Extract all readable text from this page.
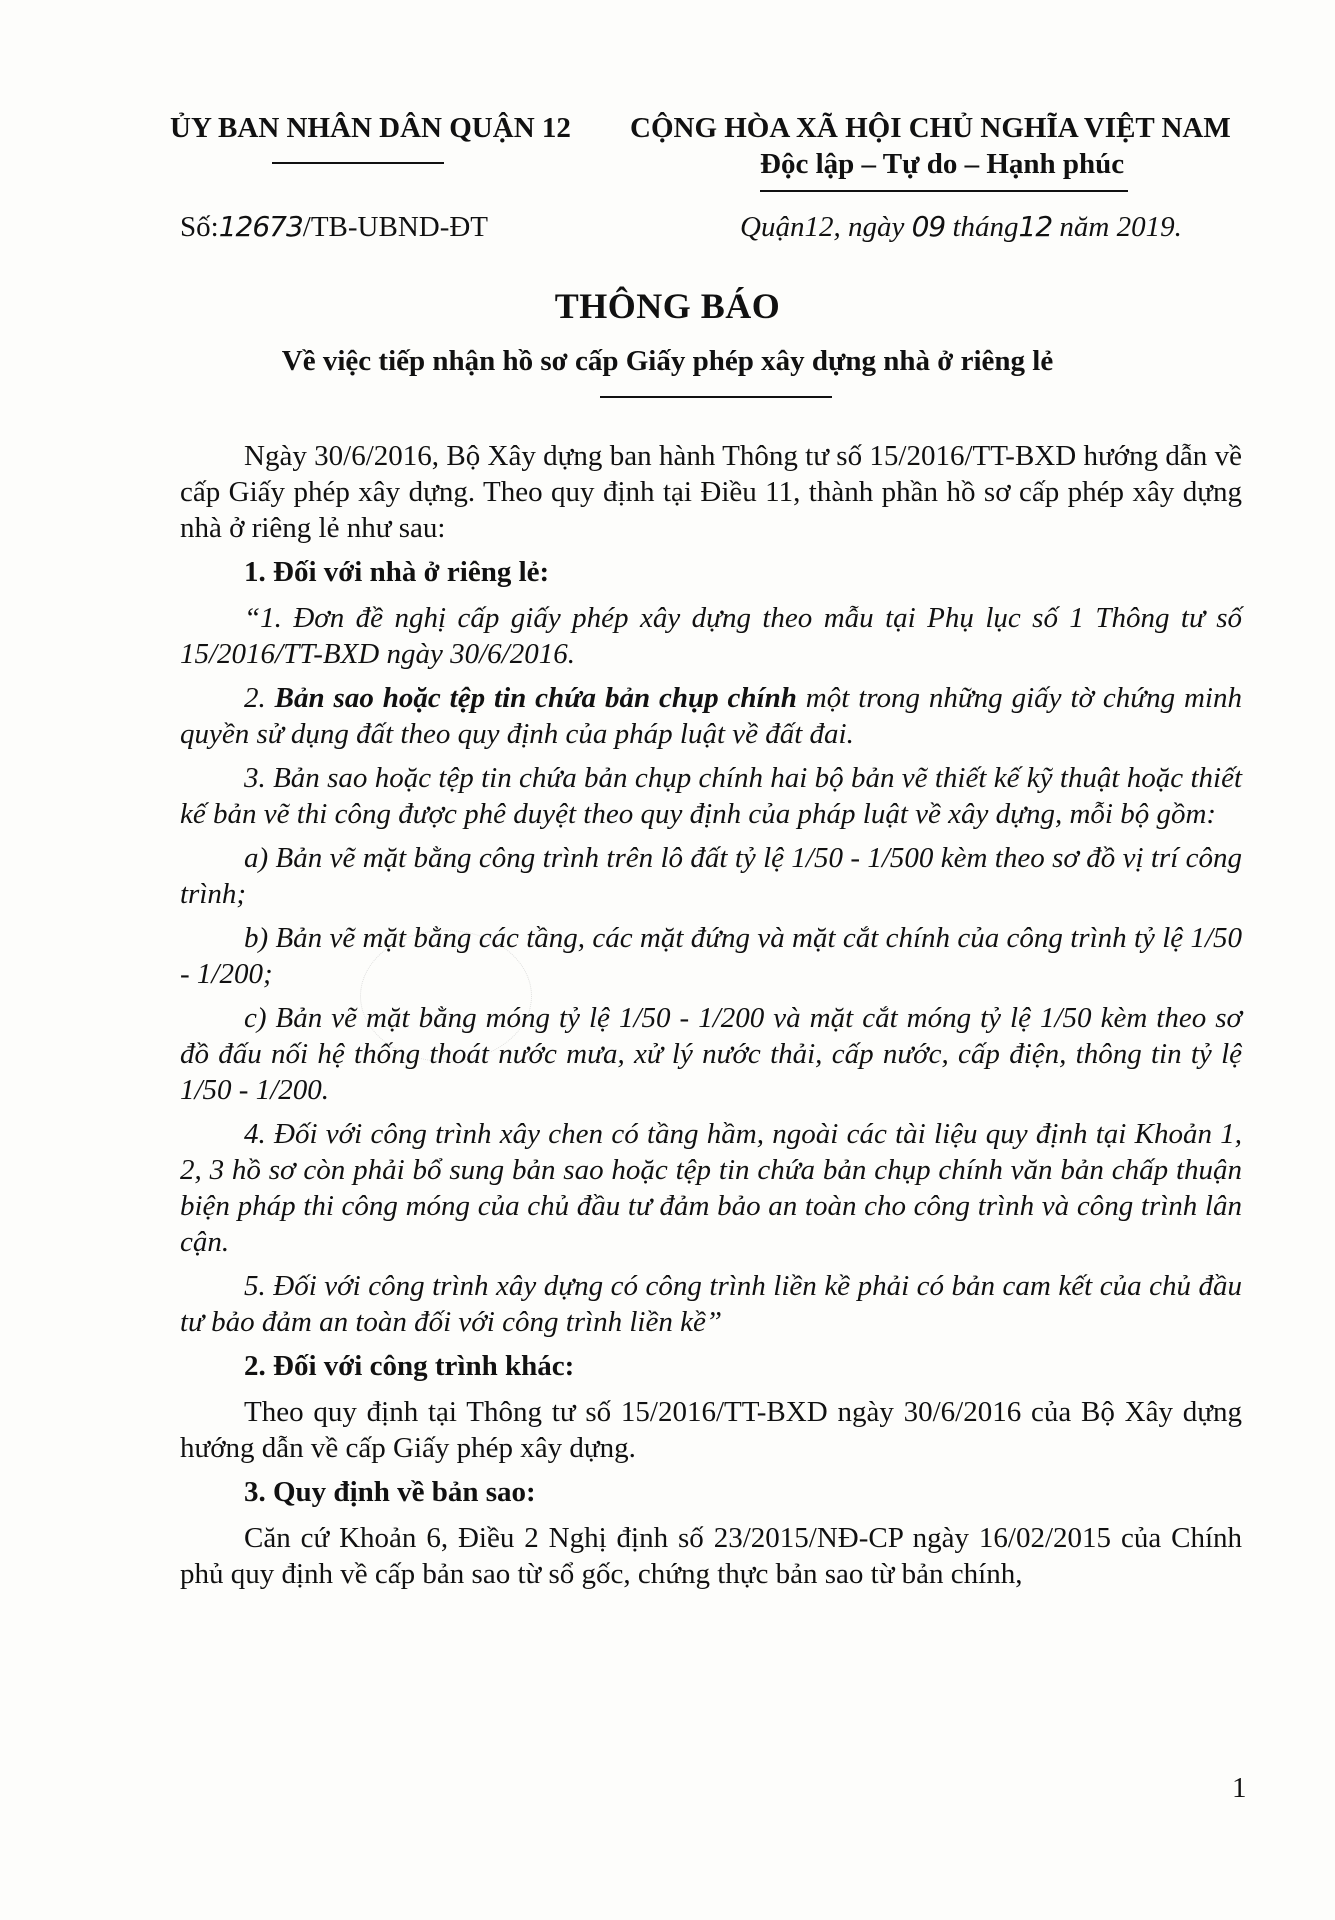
ỦY BAN NHÂN DÂN QUẬN 12 CỘNG HÒA XÃ HỘI CHỦ NGHĨA VIỆT NAM
Độc lập – Tự do – Hạnh phúc
Số:12673/TB-UBND-ĐT	Quận12, ngày 09 tháng12 năm 2019.
THÔNG BÁO
Về việc tiếp nhận hồ sơ cấp Giấy phép xây dựng nhà ở riêng lẻ

Ngày 30/6/2016, Bộ Xây dựng ban hành Thông tư số 15/2016/TT-BXD hướng dẫn về cấp Giấy phép xây dựng. Theo quy định tại Điều 11, thành phần hồ sơ cấp phép xây dựng nhà ở riêng lẻ như sau:

1. Đối với nhà ở riêng lẻ:

“1. Đơn đề nghị cấp giấy phép xây dựng theo mẫu tại Phụ lục số 1 Thông tư số 15/2016/TT-BXD ngày 30/6/2016.

2. Bản sao hoặc tệp tin chứa bản chụp chính một trong những giấy tờ chứng minh quyền sử dụng đất theo quy định của pháp luật về đất đai.

3. Bản sao hoặc tệp tin chứa bản chụp chính hai bộ bản vẽ thiết kế kỹ thuật hoặc thiết kế bản vẽ thi công được phê duyệt theo quy định của pháp luật về xây dựng, mỗi bộ gồm:

a) Bản vẽ mặt bằng công trình trên lô đất tỷ lệ 1/50 - 1/500 kèm theo sơ đồ vị trí công trình;

b) Bản vẽ mặt bằng các tầng, các mặt đứng và mặt cắt chính của công trình tỷ lệ 1/50 - 1/200;

c) Bản vẽ mặt bằng móng tỷ lệ 1/50 - 1/200 và mặt cắt móng tỷ lệ 1/50 kèm theo sơ đồ đấu nối hệ thống thoát nước mưa, xử lý nước thải, cấp nước, cấp điện, thông tin tỷ lệ 1/50 - 1/200.

4. Đối với công trình xây chen có tầng hầm, ngoài các tài liệu quy định tại Khoản 1, 2, 3 hồ sơ còn phải bổ sung bản sao hoặc tệp tin chứa bản chụp chính văn bản chấp thuận biện pháp thi công móng của chủ đầu tư đảm bảo an toàn cho công trình và công trình lân cận.

5. Đối với công trình xây dựng có công trình liền kề phải có bản cam kết của chủ đầu tư bảo đảm an toàn đối với công trình liền kề”

2. Đối với công trình khác:

Theo quy định tại Thông tư số 15/2016/TT-BXD ngày 30/6/2016 của Bộ Xây dựng hướng dẫn về cấp Giấy phép xây dựng.

3. Quy định về bản sao:

Căn cứ Khoản 6, Điều 2 Nghị định số 23/2015/NĐ-CP ngày 16/02/2015 của Chính phủ quy định về cấp bản sao từ sổ gốc, chứng thực bản sao từ bản chính,

1
